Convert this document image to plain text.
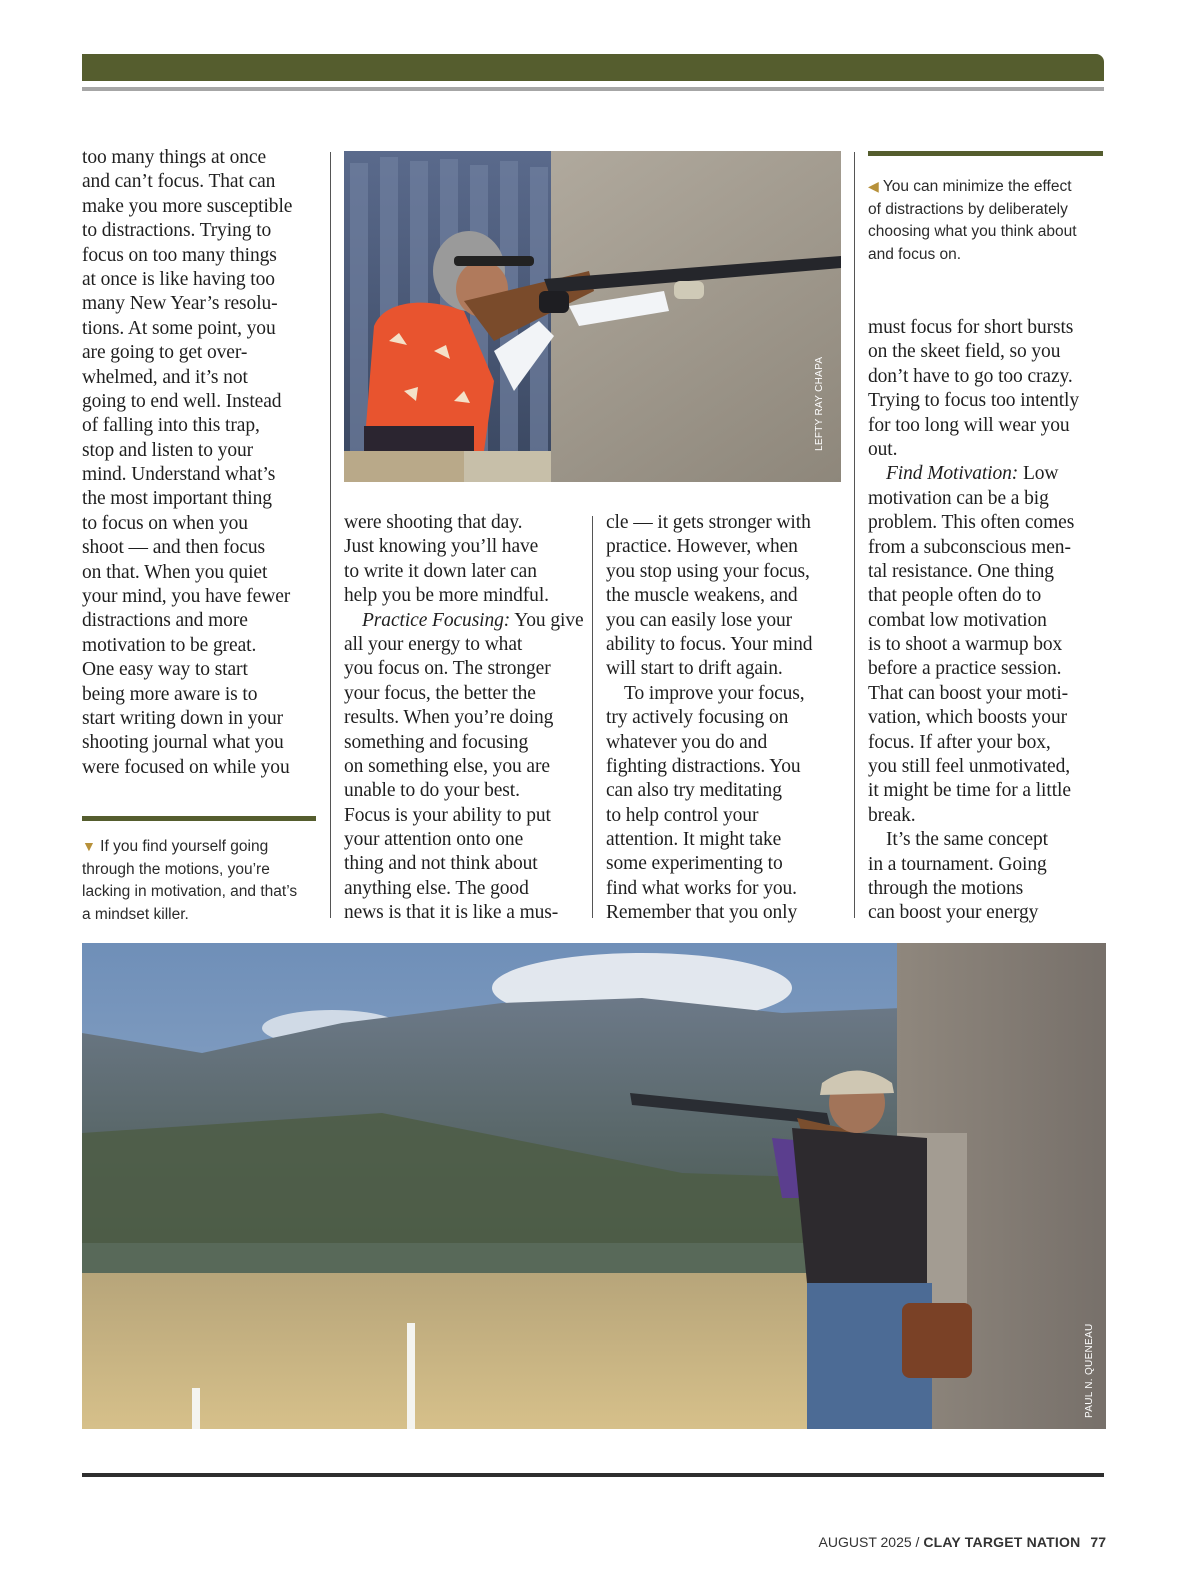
too many things at once
and can’t focus. That can
make you more susceptible
to distractions. Trying to
focus on too many things
at once is like having too
many New Year’s resolu-
tions. At some point, you
are going to get over-
whelmed, and it’s not
going to end well. Instead
of falling into this trap,
stop and listen to your
mind. Understand what’s
the most important thing
to focus on when you
shoot — and then focus
on that. When you quiet
your mind, you have fewer
distractions and more
motivation to be great.
One easy way to start
being more aware is to
start writing down in your
shooting journal what you
were focused on while you
▼ If you find yourself going
through the motions, you’re
lacking in motivation, and that’s
a mindset killer.
LEFTY RAY CHAPA
were shooting that day.
Just knowing you’ll have
to write it down later can
help you be more mindful.
Practice Focusing: You give
all your energy to what
you focus on. The stronger
your focus, the better the
results. When you’re doing
something and focusing
on something else, you are
unable to do your best.
Focus is your ability to put
your attention onto one
thing and not think about
anything else. The good
news is that it is like a mus-
cle — it gets stronger with
practice. However, when
you stop using your focus,
the muscle weakens, and
you can easily lose your
ability to focus. Your mind
will start to drift again.
To improve your focus,
try actively focusing on
whatever you do and
fighting distractions. You
can also try meditating
to help control your
attention. It might take
some experimenting to
find what works for you.
Remember that you only
◀ You can minimize the effect
of distractions by deliberately
choosing what you think about
and focus on.
must focus for short bursts
on the skeet field, so you
don’t have to go too crazy.
Trying to focus too intently
for too long will wear you
out.
Find Motivation: Low
motivation can be a big
problem. This often comes
from a subconscious men-
tal resistance. One thing
that people often do to
combat low motivation
is to shoot a warmup box
before a practice session.
That can boost your moti-
vation, which boosts your
focus. If after your box,
you still feel unmotivated,
it might be time for a little
break.
It’s the same concept
in a tournament. Going
through the motions
can boost your energy
PAUL N. QUENEAU
AUGUST 2025 / CLAY TARGET NATION 77
